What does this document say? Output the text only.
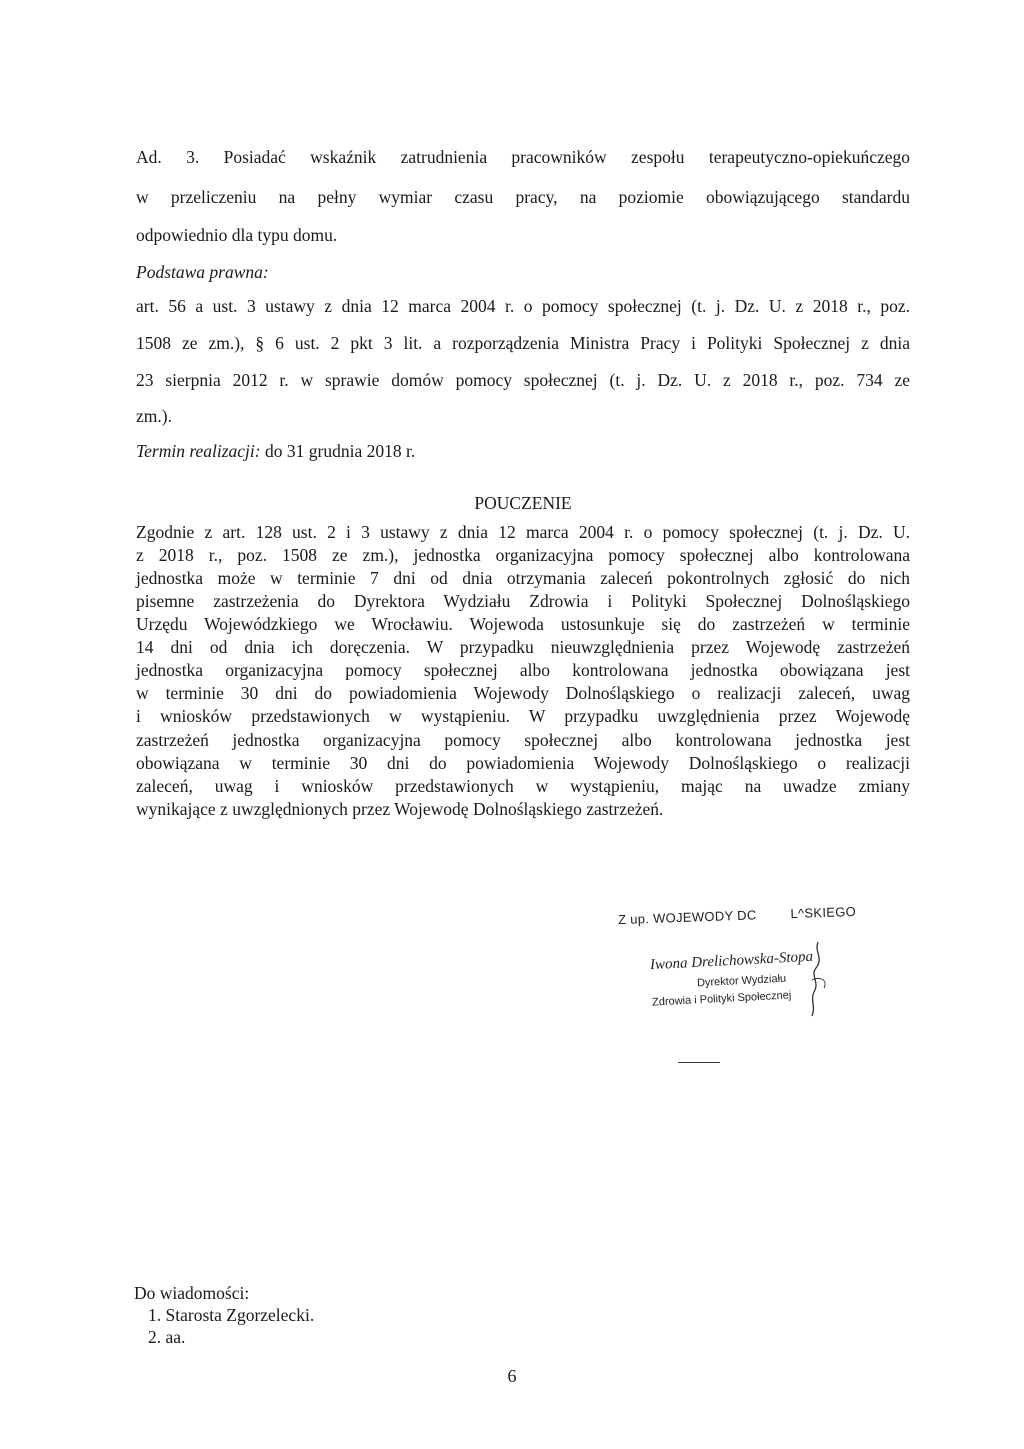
Ad. 3. Posiadać wskaźnik zatrudnienia pracowników zespołu terapeutyczno-opiekuńczego
w przeliczeniu na pełny wymiar czasu pracy, na poziomie obowiązującego standardu
odpowiednio dla typu domu.
Podstawa prawna:
art. 56 a ust. 3 ustawy z dnia 12 marca 2004 r. o pomocy społecznej (t. j. Dz. U. z 2018 r., poz.
1508 ze zm.), § 6 ust. 2 pkt 3 lit. a rozporządzenia Ministra Pracy i Polityki Społecznej z dnia
23 sierpnia 2012 r. w sprawie domów pomocy społecznej (t. j. Dz. U. z 2018 r., poz. 734 ze
zm.).
Termin realizacji: do 31 grudnia 2018 r.
POUCZENIE
Zgodnie z art. 128 ust. 2 i 3 ustawy z dnia 12 marca 2004 r. o pomocy społecznej (t. j. Dz. U.
z 2018 r., poz. 1508 ze zm.), jednostka organizacyjna pomocy społecznej albo kontrolowana
jednostka może w terminie 7 dni od dnia otrzymania zaleceń pokontrolnych zgłosić do nich
pisemne zastrzeżenia do Dyrektora Wydziału Zdrowia i Polityki Społecznej Dolnośląskiego
Urzędu Wojewódzkiego we Wrocławiu. Wojewoda ustosunkuje się do zastrzeżeń w terminie
14 dni od dnia ich doręczenia. W przypadku nieuwzględnienia przez Wojewodę zastrzeżeń
jednostka organizacyjna pomocy społecznej albo kontrolowana jednostka obowiązana jest
w terminie 30 dni do powiadomienia Wojewody Dolnośląskiego o realizacji zaleceń, uwag
i wniosków przedstawionych w wystąpieniu. W przypadku uwzględnienia przez Wojewodę
zastrzeżeń jednostka organizacyjna pomocy społecznej albo kontrolowana jednostka jest
obowiązana w terminie 30 dni do powiadomienia Wojewody Dolnośląskiego o realizacji
zaleceń, uwag i wniosków przedstawionych w wystąpieniu, mając na uwadze zmiany
wynikające z uwzględnionych przez Wojewodę Dolnośląskiego zastrzeżeń.
Z up. WOJEWODY DC	L^SKIEGO
Iwona Drelichowska-Stopa
Dyrektor Wydziału
Zdrowia i Polityki Społecznej
Do wiadomości:
1. Starosta Zgorzelecki.
2. aa.
6
